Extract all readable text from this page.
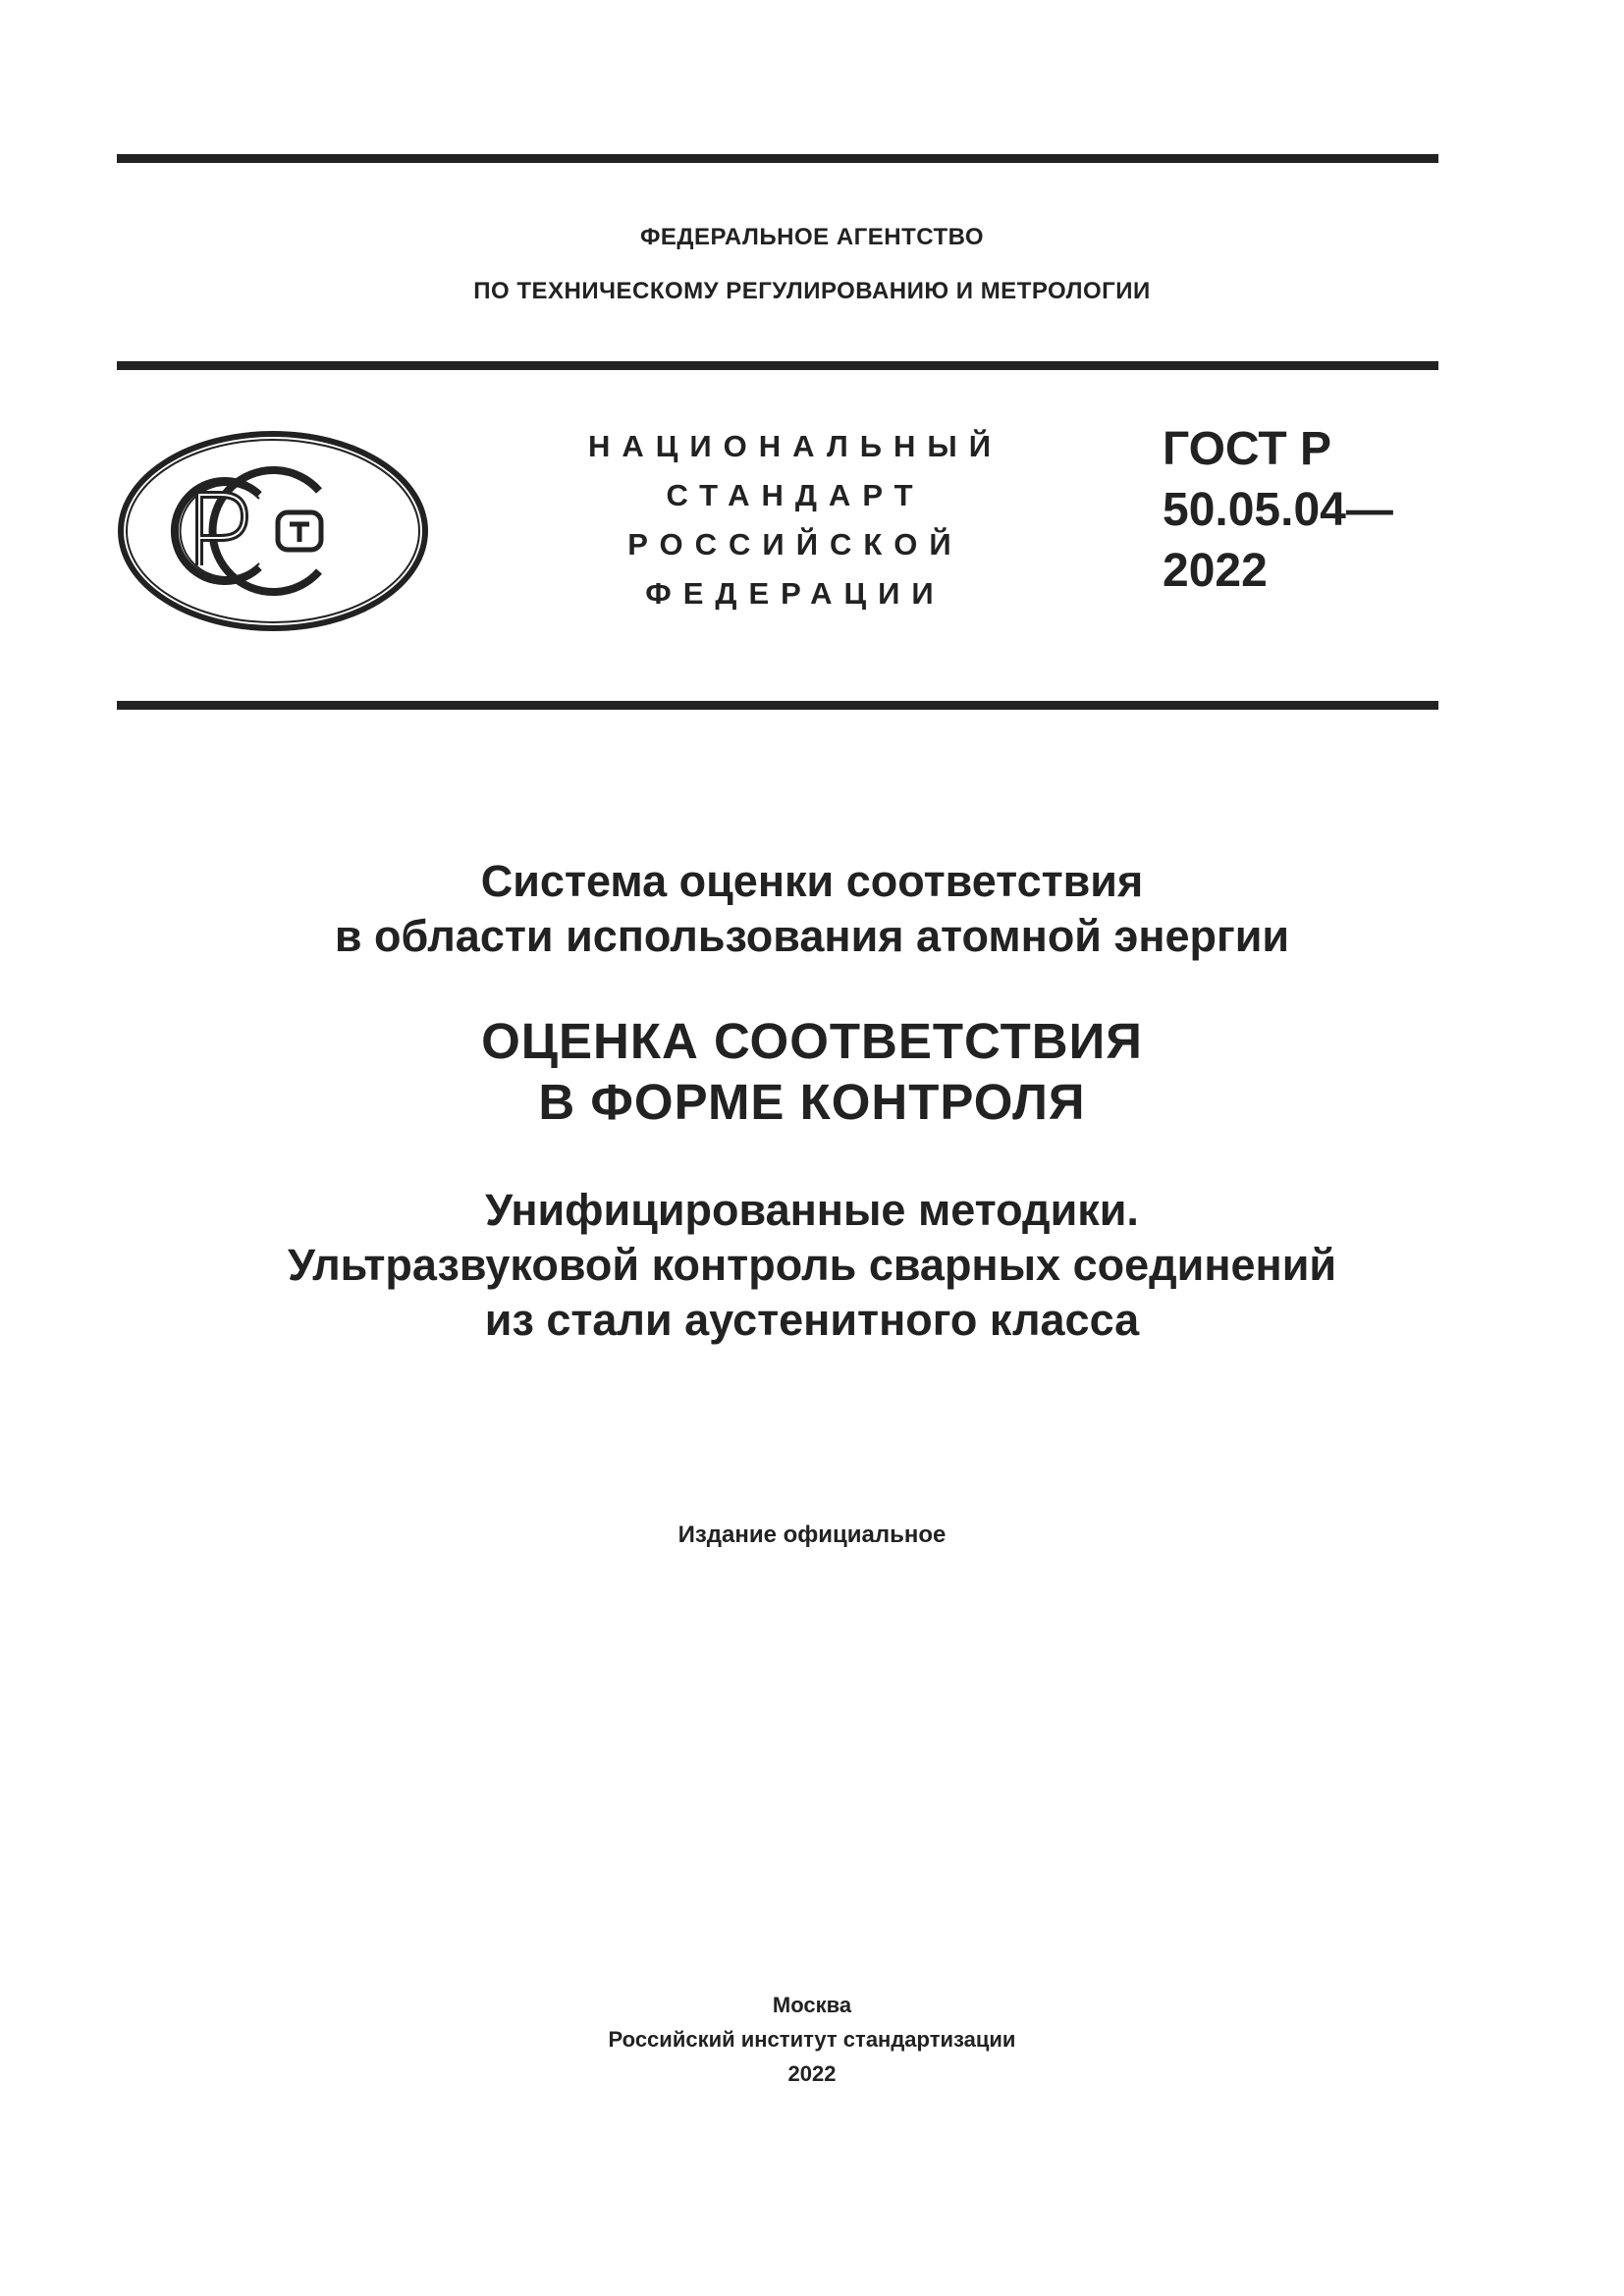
ФЕДЕРАЛЬНОЕ АГЕНТСТВО
ПО ТЕХНИЧЕСКОМУ РЕГУЛИРОВАНИЮ И МЕТРОЛОГИИ
НАЦИОНАЛЬНЫЙ
СТАНДАРТ
РОССИЙСКОЙ
ФЕДЕРАЦИИ
ГОСТ Р
50.05.04—
2022
Система оценки соответствия
в области использования атомной энергии
ОЦЕНКА СООТВЕТСТВИЯ
В ФОРМЕ КОНТРОЛЯ
Унифицированные методики.
Ультразвуковой контроль сварных соединений
из стали аустенитного класса
Издание официальное
Москва
Российский институт стандартизации
2022
